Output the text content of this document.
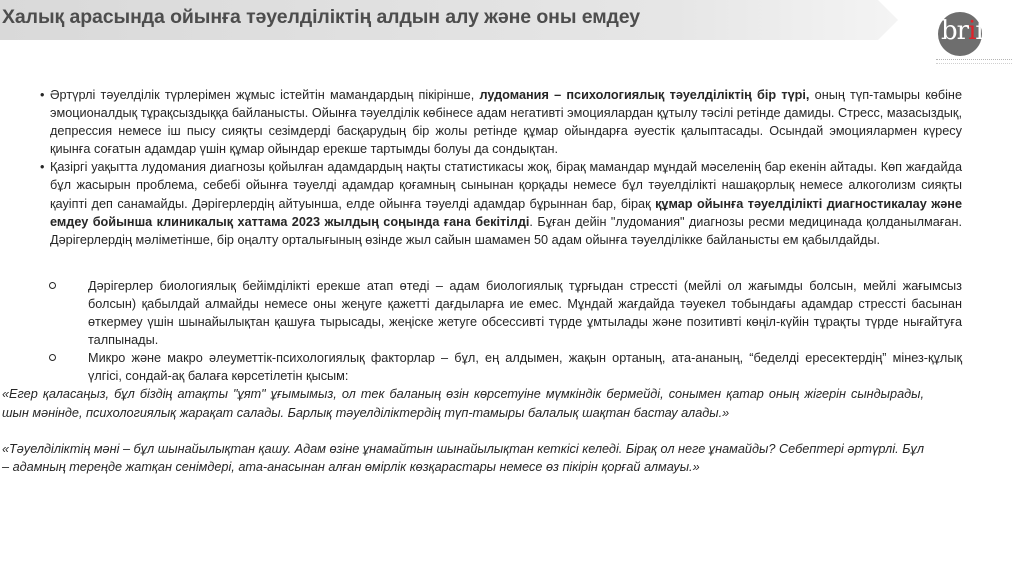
Халық арасында ойынға тәуелділіктің алдын алу және оны емдеу	brif
• Әртүрлі тәуелділік түрлерімен жұмыс істейтін мамандардың пікірінше, лудомания – психологиялық тәуелділіктің бір түрі, оның түп-тамыры көбіне эмоционалдық тұрақсыздыққа байланысты. Ойынға тәуелділік көбінесе адам негативті эмоциялардан құтылу тәсілі ретінде дамиды. Стресс, мазасыздық, депрессия немесе іш пысу сияқты сезімдерді басқарудың бір жолы ретінде құмар ойындарға әуестік қалыптасады. Осындай эмоциялармен күресу қиынға соғатын адамдар үшін құмар ойындар ерекше тартымды болуы да сондықтан.
• Қазіргі уақытта лудомания диагнозы қойылған адамдардың нақты статистикасы жоқ, бірақ мамандар мұндай мәселенің бар екенін айтады. Көп жағдайда бұл жасырын проблема, себебі ойынға тәуелді адамдар қоғамның сынынан қорқады немесе бұл тәуелділікті нашақорлық немесе алкоголизм сияқты қауіпті деп санамайды. Дәрігерлердің айтуынша, елде ойынға тәуелді адамдар бұрыннан бар, бірақ құмар ойынға тәуелділікті диагностикалау және емдеу бойынша клиникалық хаттама 2023 жылдың соңында ғана бекітілді. Бұған дейін "лудомания" диагнозы ресми медицинада қолданылмаған. Дәрігерлердің мәліметінше, бір оңалту орталығының өзінде жыл сайын шамамен 50 адам ойынға тәуелділікке байланысты ем қабылдайды.
Дәрігерлер биологиялық бейімділікті ерекше атап өтеді – адам биологиялық тұрғыдан стрессті (мейлі ол жағымды болсын, мейлі жағымсыз болсын) қабылдай алмайды немесе оны жеңуге қажетті дағдыларға ие емес. Мұндай жағдайда тәуекел тобындағы адамдар стрессті басынан өткермеу үшін шынайылықтан қашуға тырысады, жеңіске жетуге обсессивті түрде ұмтылады және позитивті көңіл-күйін тұрақты түрде нығайтуға талпынады.
Микро және макро әлеуметтік-психологиялық факторлар – бұл, ең алдымен, жақын ортаның, ата-ананың, “беделді ересектердің” мінез-құлық үлгісі, сондай-ақ балаға көрсетілетін қысым:

«Егер қаласаңыз, бұл біздің атақты "ұят" ұғымымыз, ол тек баланың өзін көрсетуіне мүмкіндік бермейді, сонымен қатар оның жігерін сындырады, шын мәнінде, психологиялық жарақат салады. Барлық тәуелділіктердің түп-тамыры балалық шақтан бастау алады.»

«Тәуелділіктің мәні – бұл шынайылықтан қашу. Адам өзіне ұнамайтын шынайылықтан кеткісі келеді. Бірақ ол неге ұнамайды? Себептері әртүрлі. Бұл – адамның тереңде жатқан сенімдері, ата-анасынан алған өмірлік көзқарастары немесе өз пікірін қорғай алмауы.»
